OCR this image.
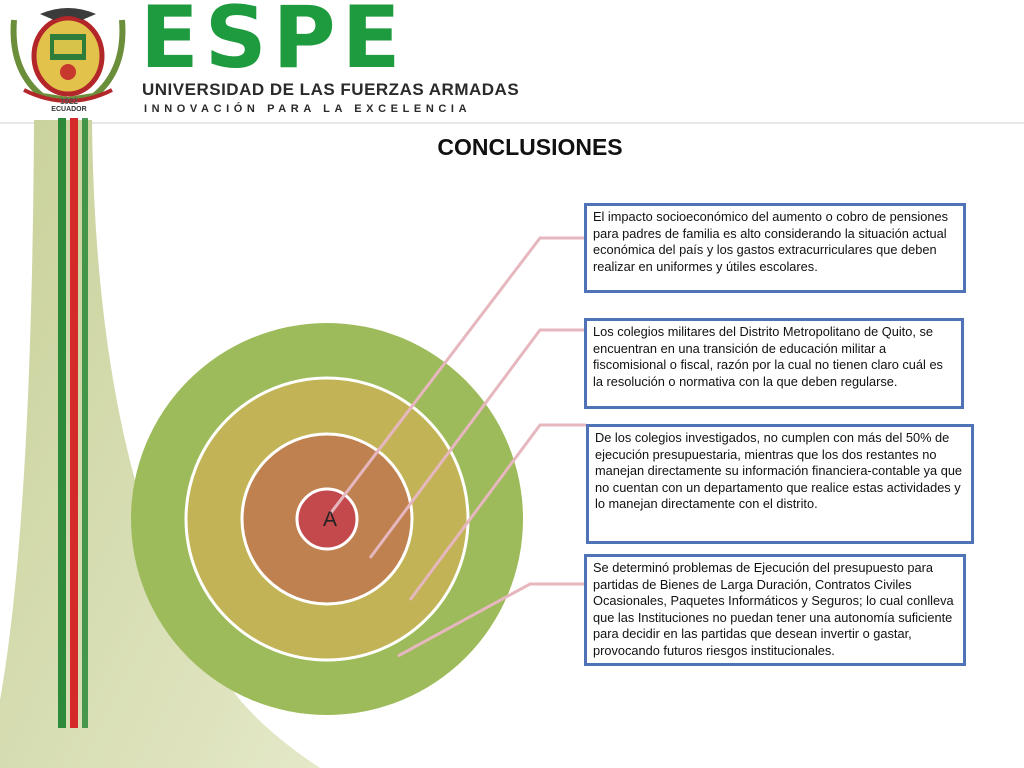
ESPE
UNIVERSIDAD DE LAS FUERZAS ARMADAS
INNOVACIÓN PARA LA EXCELENCIA
1922
ECUADOR
CONCLUSIONES
A
El impacto socioeconómico del aumento o cobro de pensiones para padres de familia es alto considerando la situación actual económica del país y los gastos extracurriculares que deben realizar en uniformes y útiles escolares.
Los colegios militares del Distrito Metropolitano de Quito, se encuentran en una transición de educación militar a fiscomisional o fiscal, razón por la cual no tienen claro cuál es la resolución o normativa con la que deben regularse.
De los colegios investigados, no cumplen con más del 50% de ejecución presupuestaria, mientras que los dos restantes no manejan directamente su información financiera-contable ya que no cuentan con un departamento que realice estas actividades y lo manejan directamente con el distrito.
Se determinó problemas de Ejecución del presupuesto para partidas de Bienes de Larga Duración, Contratos Civiles Ocasionales, Paquetes Informáticos y Seguros; lo cual conlleva que las Instituciones no puedan tener una autonomía suficiente para decidir en las partidas que desean invertir o gastar, provocando futuros riesgos institucionales.
